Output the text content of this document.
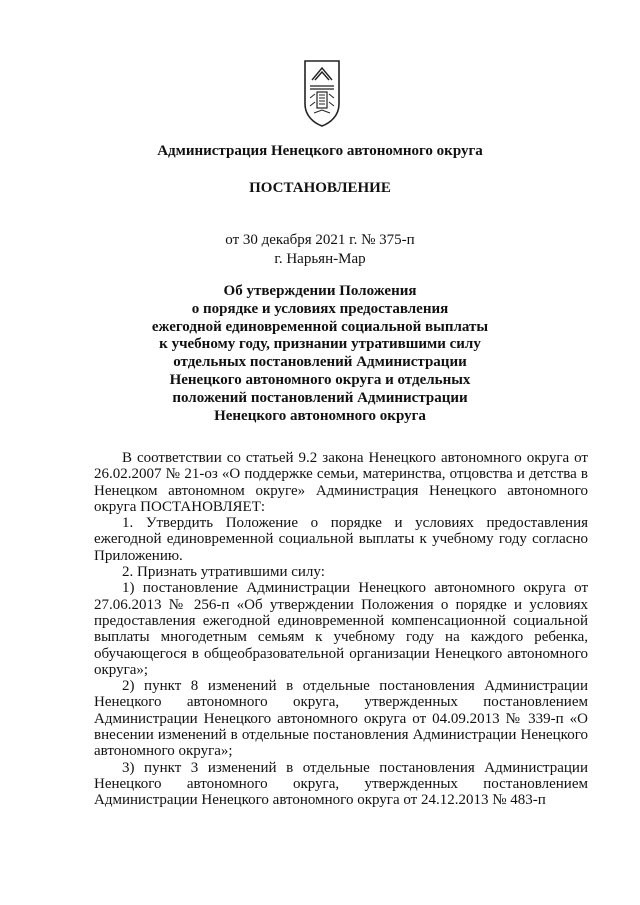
Администрация Ненецкого автономного округа
ПОСТАНОВЛЕНИЕ
от 30 декабря 2021 г. № 375-п
г. Нарьян-Мар
Об утверждении Положения
о порядке и условиях предоставления
ежегодной единовременной социальной выплаты
к учебному году, признании утратившими силу
отдельных постановлений Администрации
Ненецкого автономного округа и отдельных
положений постановлений Администрации
Ненецкого автономного округа

В соответствии со статьей 9.2 закона Ненецкого автономного округа от 26.02.2007 № 21-оз «О поддержке семьи, материнства, отцовства и детства в Ненецком автономном округе» Администрация Ненецкого автономного округа ПОСТАНОВЛЯЕТ:

1. Утвердить Положение о порядке и условиях предоставления ежегодной единовременной социальной выплаты к учебному году согласно Приложению.

2. Признать утратившими силу:

1) постановление Администрации Ненецкого автономного округа от 27.06.2013 № 256-п «Об утверждении Положения о порядке и условиях предоставления ежегодной единовременной компенсационной социальной выплаты многодетным семьям к учебному году на каждого ребенка, обучающегося в общеобразовательной организации Ненецкого автономного округа»;

2) пункт 8 изменений в отдельные постановления Администрации Ненецкого автономного округа, утвержденных постановлением Администрации Ненецкого автономного округа от 04.09.2013 № 339-п «О внесении изменений в отдельные постановления Администрации Ненецкого автономного округа»;

3) пункт 3 изменений в отдельные постановления Администрации Ненецкого автономного округа, утвержденных постановлением Администрации Ненецкого автономного округа от 24.12.2013 № 483-п
